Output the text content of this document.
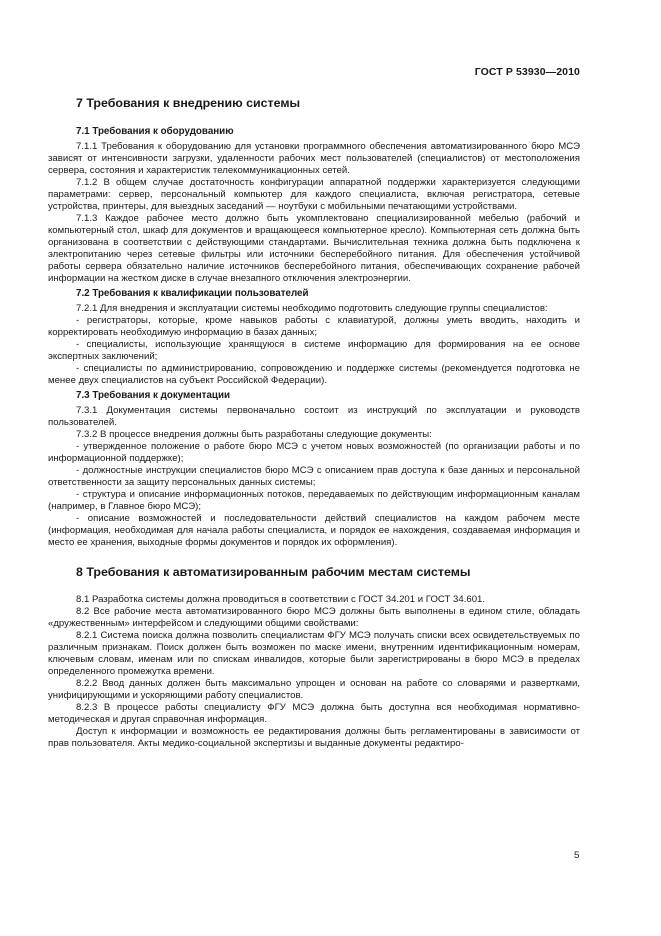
ГОСТ Р 53930—2010

7 Требования к внедрению системы

7.1 Требования к оборудованию

7.1.1 Требования к оборудованию для установки программного обеспечения автоматизированного бюро МСЭ зависят от интенсивности загрузки, удаленности рабочих мест пользователей (специалистов) от местоположения сервера, состояния и характеристик телекоммуникационных сетей.

7.1.2 В общем случае достаточность конфигурации аппаратной поддержки характеризуется следующими параметрами: сервер, персональный компьютер для каждого специалиста, включая регистратора, сетевые устройства, принтеры, для выездных заседаний — ноутбуки с мобильными печатающими устройствами.

7.1.3 Каждое рабочее место должно быть укомплектовано специализированной мебелью (рабочий и компьютерный стол, шкаф для документов и вращающееся компьютерное кресло). Компьютерная сеть должна быть организована в соответствии с действующими стандартами. Вычислительная техника должна быть подключена к электропитанию через сетевые фильтры или источники бесперебойного питания. Для обеспечения устойчивой работы сервера обязательно наличие источников бесперебойного питания, обеспечивающих сохранение рабочей информации на жестком диске в случае внезапного отключения электроэнергии.

7.2 Требования к квалификации пользователей

7.2.1 Для внедрения и эксплуатации системы необходимо подготовить следующие группы специалистов:

- регистраторы, которые, кроме навыков работы с клавиатурой, должны уметь вводить, находить и корректировать необходимую информацию в базах данных;

- специалисты, использующие хранящуюся в системе информацию для формирования на ее основе экспертных заключений;

- специалисты по администрированию, сопровождению и поддержке системы (рекомендуется подготовка не менее двух специалистов на субъект Российской Федерации).

7.3 Требования к документации

7.3.1 Документация системы первоначально состоит из инструкций по эксплуатации и руководств пользователей.

7.3.2 В процессе внедрения должны быть разработаны следующие документы:

- утвержденное положение о работе бюро МСЭ с учетом новых возможностей (по организации работы и по информационной поддержке);

- должностные инструкции специалистов бюро МСЭ с описанием прав доступа к базе данных и персональной ответственности за защиту персональных данных системы;

- структура и описание информационных потоков, передаваемых по действующим информационным каналам (например, в Главное бюро МСЭ);

- описание возможностей и последовательности действий специалистов на каждом рабочем месте (информация, необходимая для начала работы специалиста, и порядок ее нахождения, создаваемая информация и место ее хранения, выходные формы документов и порядок их оформления).

8 Требования к автоматизированным рабочим местам системы

8.1 Разработка системы должна проводиться в соответствии с ГОСТ 34.201 и ГОСТ 34.601.

8.2 Все рабочие места автоматизированного бюро МСЭ должны быть выполнены в едином стиле, обладать «дружественным» интерфейсом и следующими общими свойствами:

8.2.1 Система поиска должна позволить специалистам ФГУ МСЭ получать списки всех освидетельствуемых по различным признакам. Поиск должен быть возможен по маске имени, внутренним идентификационным номерам, ключевым словам, именам или по спискам инвалидов, которые были зарегистрированы в бюро МСЭ в пределах определенного промежутка времени.

8.2.2 Ввод данных должен быть максимально упрощен и основан на работе со словарями и развертками, унифицирующими и ускоряющими работу специалистов.

8.2.3 В процессе работы специалисту ФГУ МСЭ должна быть доступна вся необходимая нормативно-методическая и другая справочная информация.

Доступ к информации и возможность ее редактирования должны быть регламентированы в зависимости от прав пользователя. Акты медико-социальной экспертизы и выданные документы редактиро-

5
